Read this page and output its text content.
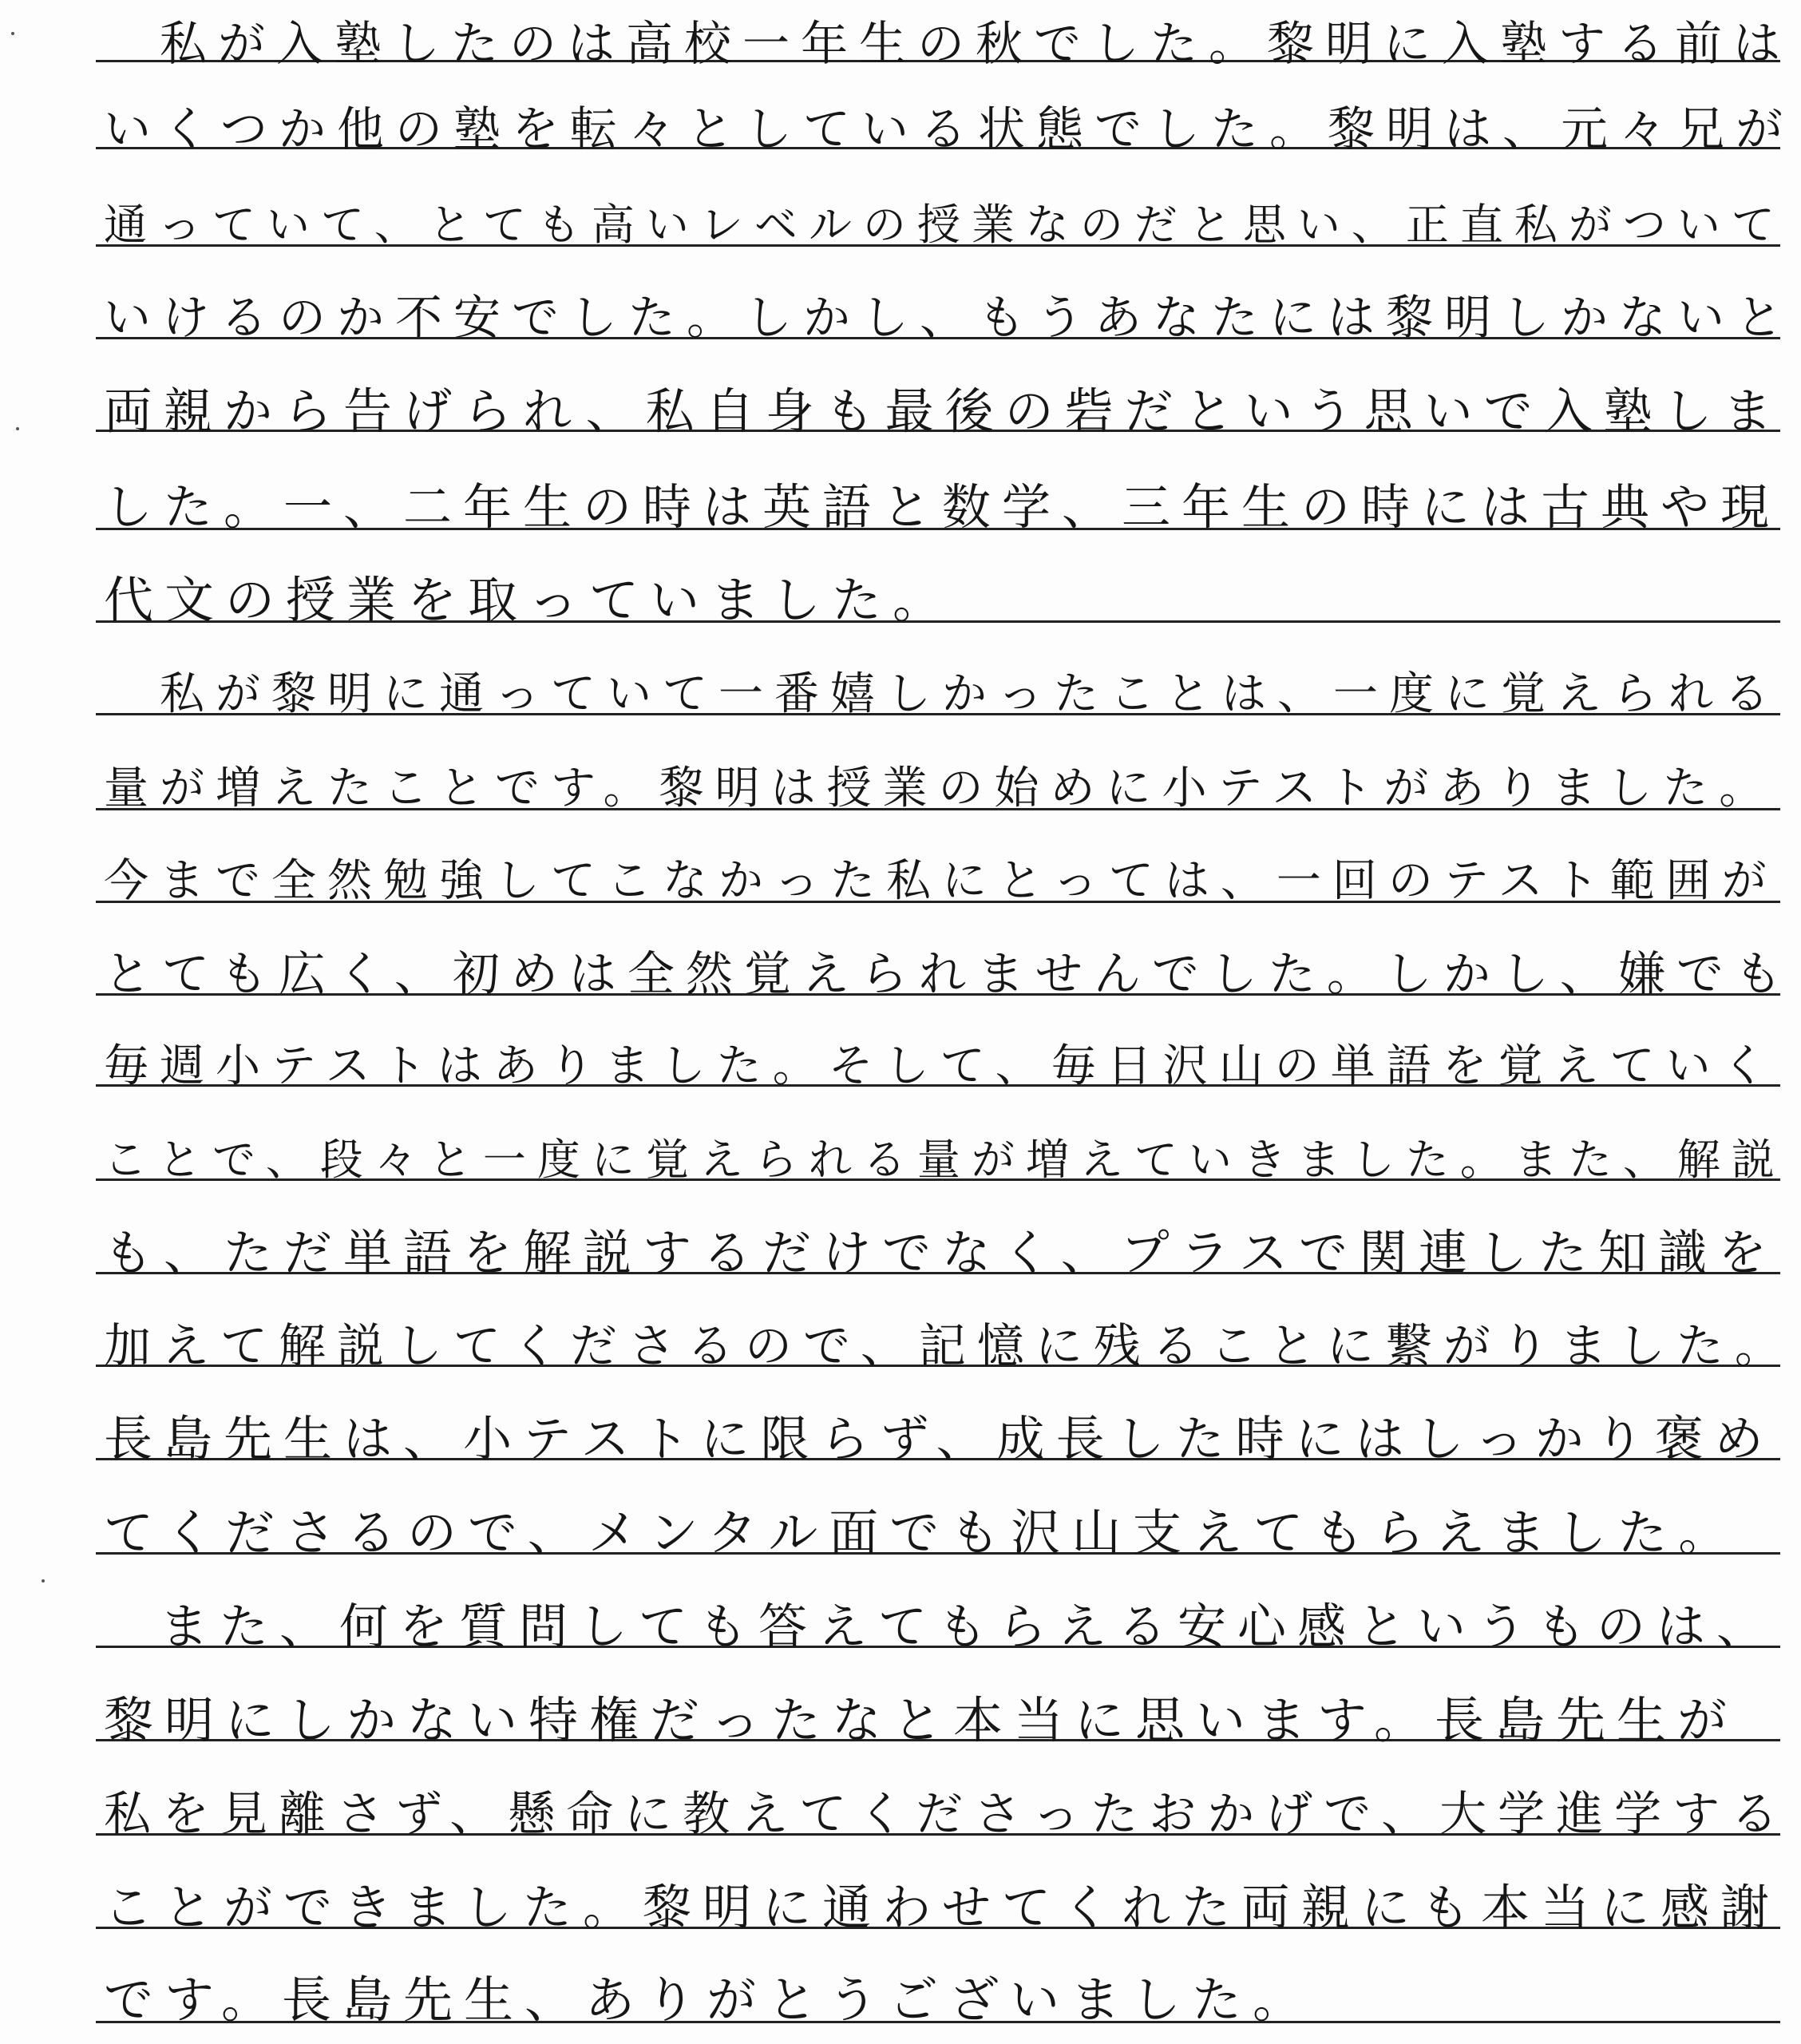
私が入塾したのは高校一年生の秋でした。黎明に入塾する前は
いくつか他の塾を転々としている状態でした。黎明は、元々兄が
通っていて、とても高いレベルの授業なのだと思い、正直私がついて
いけるのか不安でした。しかし、もうあなたには黎明しかないと
両親から告げられ、私自身も最後の砦だという思いで入塾しま
した。一、二年生の時は英語と数学、三年生の時には古典や現
代文の授業を取っていました。
私が黎明に通っていて一番嬉しかったことは、一度に覚えられる
量が増えたことです。黎明は授業の始めに小テストがありました。
今まで全然勉強してこなかった私にとっては、一回のテスト範囲が
とても広く、初めは全然覚えられませんでした。しかし、嫌でも
毎週小テストはありました。そして、毎日沢山の単語を覚えていく
ことで、段々と一度に覚えられる量が増えていきました。また、解説
も、ただ単語を解説するだけでなく、プラスで関連した知識を
加えて解説してくださるので、記憶に残ることに繋がりました。
長島先生は、小テストに限らず、成長した時にはしっかり褒め
てくださるので、メンタル面でも沢山支えてもらえました。
また、何を質問しても答えてもらえる安心感というものは、
黎明にしかない特権だったなと本当に思います。長島先生が
私を見離さず、懸命に教えてくださったおかげで、大学進学する
ことができました。黎明に通わせてくれた両親にも本当に感謝
です。長島先生、ありがとうございました。
